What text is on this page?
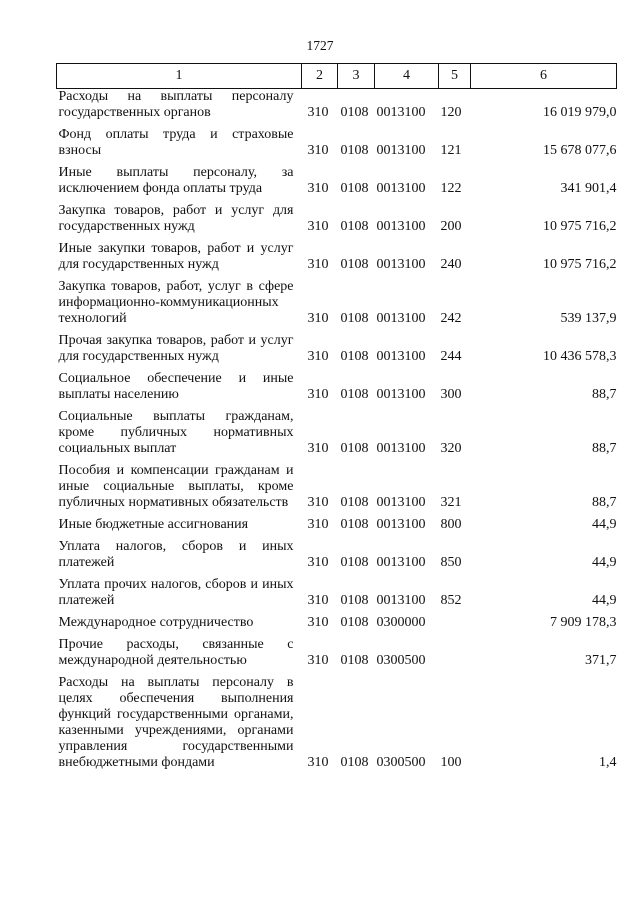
1727
1	2	3	4	5	6
Расходы на выплаты персоналу государственных органов	310	0108	0013100	120	16 019 979,0
Фонд оплаты труда и страховые взносы	310	0108	0013100	121	15 678 077,6
Иные выплаты персоналу, за исключением фонда оплаты труда	310	0108	0013100	122	341 901,4
Закупка товаров, работ и услуг для государственных нужд	310	0108	0013100	200	10 975 716,2
Иные закупки товаров, работ и услуг для государственных нужд	310	0108	0013100	240	10 975 716,2
Закупка товаров, работ, услуг в сфере информационно-коммуникационных технологий	310	0108	0013100	242	539 137,9
Прочая закупка товаров, работ и услуг для государственных нужд	310	0108	0013100	244	10 436 578,3
Социальное обеспечение и иные выплаты населению	310	0108	0013100	300	88,7
Социальные выплаты гражданам, кроме публичных нормативных социальных выплат	310	0108	0013100	320	88,7
Пособия и компенсации гражданам и иные социальные выплаты, кроме публичных нормативных обязательств	310	0108	0013100	321	88,7
Иные бюджетные ассигнования	310	0108	0013100	800	44,9
Уплата налогов, сборов и иных платежей	310	0108	0013100	850	44,9
Уплата прочих налогов, сборов и иных платежей	310	0108	0013100	852	44,9
Международное сотрудничество	310	0108	0300000		7 909 178,3
Прочие расходы, связанные с международной деятельностью	310	0108	0300500		371,7
Расходы на выплаты персоналу в целях обеспечения выполнения функций государственными органами, казенными учреждениями, органами управления государственными внебюджетными фондами	310	0108	0300500	100	1,4
